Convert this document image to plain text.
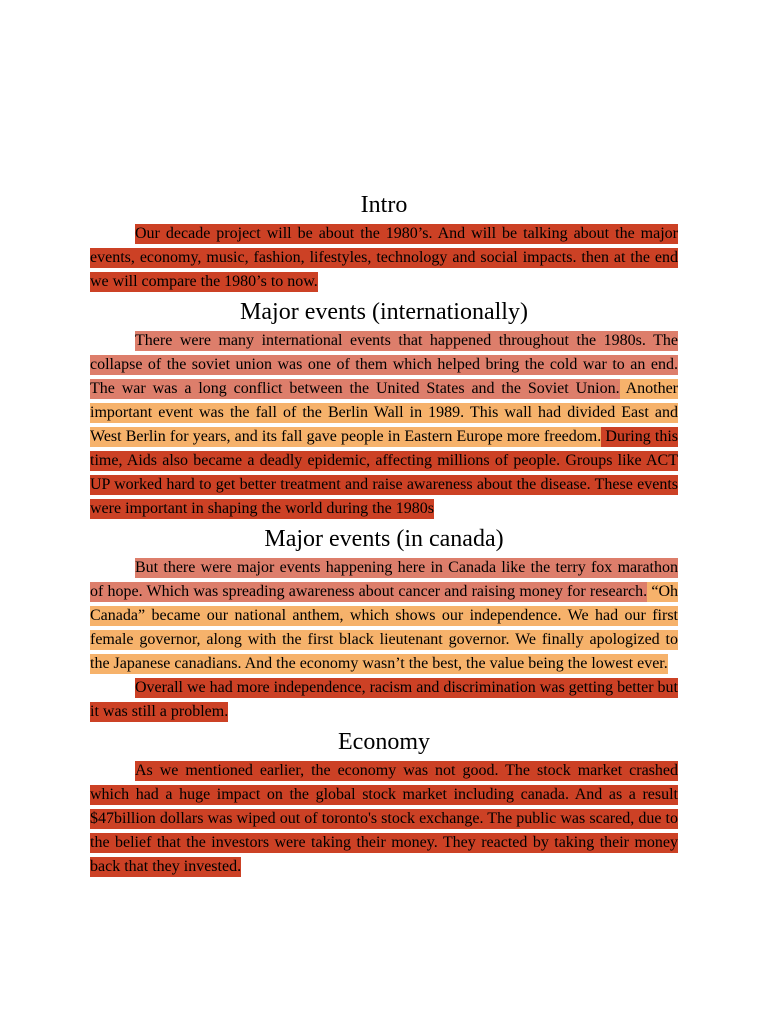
Intro

Our decade project will be about the 1980’s. And will be talking about the major events, economy, music, fashion, lifestyles, technology and social impacts. then at the end we will compare the 1980’s to now.

Major events (internationally)

There were many international events that happened throughout the 1980s. The collapse of the soviet union was one of them which helped bring the cold war to an end. The war was a long conflict between the United States and the Soviet Union. Another important event was the fall of the Berlin Wall in 1989. This wall had divided East and West Berlin for years, and its fall gave people in Eastern Europe more freedom. During this time, Aids also became a deadly epidemic, affecting millions of people. Groups like ACT UP worked hard to get better treatment and raise awareness about the disease. These events were important in shaping the world during the 1980s

Major events (in canada)

But there were major events happening here in Canada like the terry fox marathon of hope. Which was spreading awareness about cancer and raising money for research. “Oh Canada” became our national anthem, which shows our independence. We had our first female governor, along with the first black lieutenant governor. We finally apologized to the Japanese canadians. And the economy wasn’t the best, the value being the lowest ever.

Overall we had more independence, racism and discrimination was getting better but it was still a problem.

Economy

As we mentioned earlier, the economy was not good. The stock market crashed which had a huge impact on the global stock market including canada. And as a result $47billion dollars was wiped out of toronto's stock exchange. The public was scared, due to the belief that the investors were taking their money. They reacted by taking their money back that they invested.
